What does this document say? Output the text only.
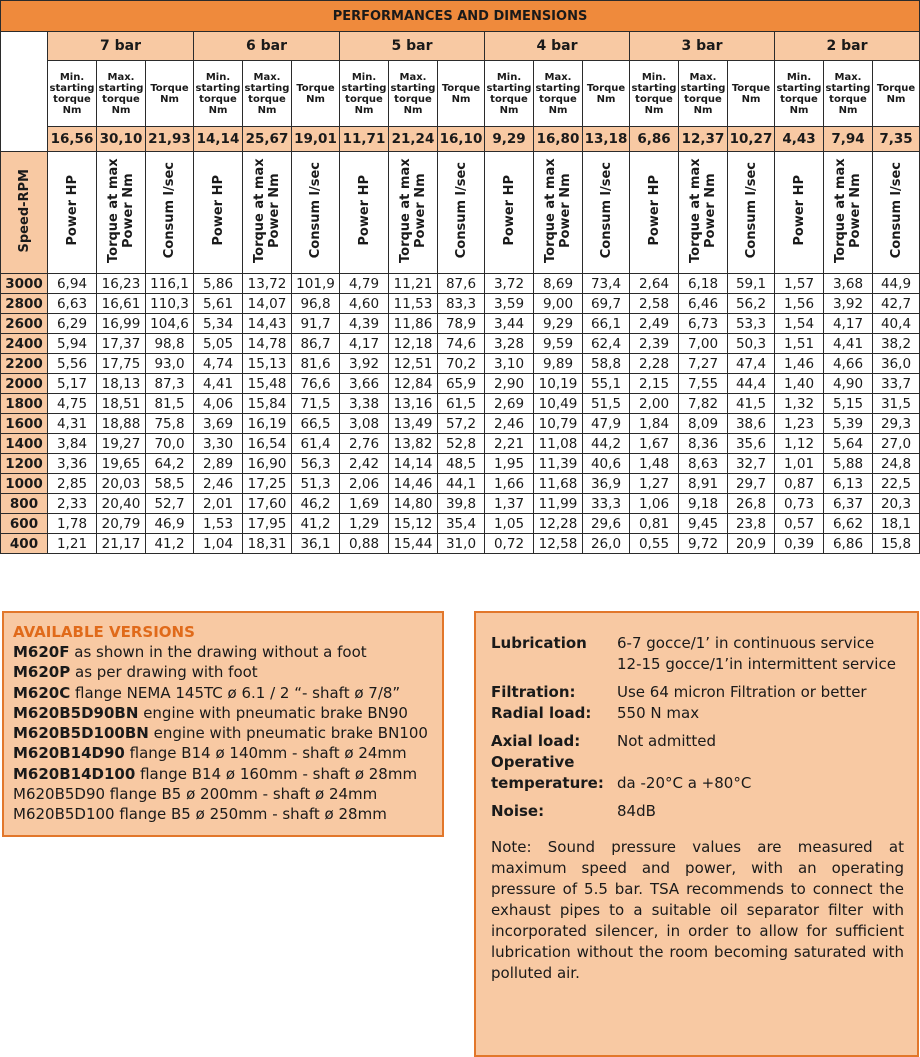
PERFORMANCES AND DIMENSIONS																		
	7 bar			6 bar			5 bar			4 bar			3 bar			2 bar		
	Min. starting torque Nm	Max. starting torque Nm	Torque Nm	Min. starting torque Nm	Max. starting torque Nm	Torque Nm	Min. starting torque Nm	Max. starting torque Nm	Torque Nm	Min. starting torque Nm	Max. starting torque Nm	Torque Nm	Min. starting torque Nm	Max. starting torque Nm	Torque Nm	Min. starting torque Nm	Max. starting torque Nm	Torque Nm
	16,56	30,10	21,93	14,14	25,67	19,01	11,71	21,24	16,10	9,29	16,80	13,18	6,86	12,37	10,27	4,43	7,94	7,35
Speed-RPM	Power HP	Torque at max Power Nm	Consum l/sec	Power HP	Torque at max Power Nm	Consum l/sec	Power HP	Torque at max Power Nm	Consum l/sec	Power HP	Torque at max Power Nm	Consum l/sec	Power HP	Torque at max Power Nm	Consum l/sec	Power HP	Torque at max Power Nm	Consum l/sec
3000	6,94	16,23	116,1	5,86	13,72	101,9	4,79	11,21	87,6	3,72	8,69	73,4	2,64	6,18	59,1	1,57	3,68	44,9
2800	6,63	16,61	110,3	5,61	14,07	96,8	4,60	11,53	83,3	3,59	9,00	69,7	2,58	6,46	56,2	1,56	3,92	42,7
2600	6,29	16,99	104,6	5,34	14,43	91,7	4,39	11,86	78,9	3,44	9,29	66,1	2,49	6,73	53,3	1,54	4,17	40,4
2400	5,94	17,37	98,8	5,05	14,78	86,7	4,17	12,18	74,6	3,28	9,59	62,4	2,39	7,00	50,3	1,51	4,41	38,2
2200	5,56	17,75	93,0	4,74	15,13	81,6	3,92	12,51	70,2	3,10	9,89	58,8	2,28	7,27	47,4	1,46	4,66	36,0
2000	5,17	18,13	87,3	4,41	15,48	76,6	3,66	12,84	65,9	2,90	10,19	55,1	2,15	7,55	44,4	1,40	4,90	33,7
1800	4,75	18,51	81,5	4,06	15,84	71,5	3,38	13,16	61,5	2,69	10,49	51,5	2,00	7,82	41,5	1,32	5,15	31,5
1600	4,31	18,88	75,8	3,69	16,19	66,5	3,08	13,49	57,2	2,46	10,79	47,9	1,84	8,09	38,6	1,23	5,39	29,3
1400	3,84	19,27	70,0	3,30	16,54	61,4	2,76	13,82	52,8	2,21	11,08	44,2	1,67	8,36	35,6	1,12	5,64	27,0
1200	3,36	19,65	64,2	2,89	16,90	56,3	2,42	14,14	48,5	1,95	11,39	40,6	1,48	8,63	32,7	1,01	5,88	24,8
1000	2,85	20,03	58,5	2,46	17,25	51,3	2,06	14,46	44,1	1,66	11,68	36,9	1,27	8,91	29,7	0,87	6,13	22,5
800	2,33	20,40	52,7	2,01	17,60	46,2	1,69	14,80	39,8	1,37	11,99	33,3	1,06	9,18	26,8	0,73	6,37	20,3
600	1,78	20,79	46,9	1,53	17,95	41,2	1,29	15,12	35,4	1,05	12,28	29,6	0,81	9,45	23,8	0,57	6,62	18,1
400	1,21	21,17	41,2	1,04	18,31	36,1	0,88	15,44	31,0	0,72	12,58	26,0	0,55	9,72	20,9	0,39	6,86	15,8
AVAILABLE VERSIONS
M620F as shown in the drawing without a foot
M620P as per drawing with foot
M620C flange NEMA 145TC ø 6.1 / 2 “- shaft ø 7/8”
M620B5D90BN engine with pneumatic brake BN90
M620B5D100BN engine with pneumatic brake BN100
M620B14D90 flange B14 ø 140mm - shaft ø 24mm
M620B14D100 flange B14 ø 160mm - shaft ø 28mm
M620B5D90 flange B5 ø 200mm - shaft ø 24mm
M620B5D100 flange B5 ø 250mm - shaft ø 28mm
Lubrication 6-7 gocce/1’ in continuous service
12-15 gocce/1’in intermittent service
Filtration:	Use 64 micron Filtration or better
Radial load: 550 N max
Axial load: Not admitted
Operative
temperature: da -20°C a +80°C
Noise:	84dB
Note: Sound pressure values are measured at maximum speed and power, with an operating pressure of 5.5 bar. TSA recommends to connect the exhaust pipes to a suitable oil separator filter with incorporated silencer, in order to allow for sufficient lubrication without the room becoming saturated with polluted air.
